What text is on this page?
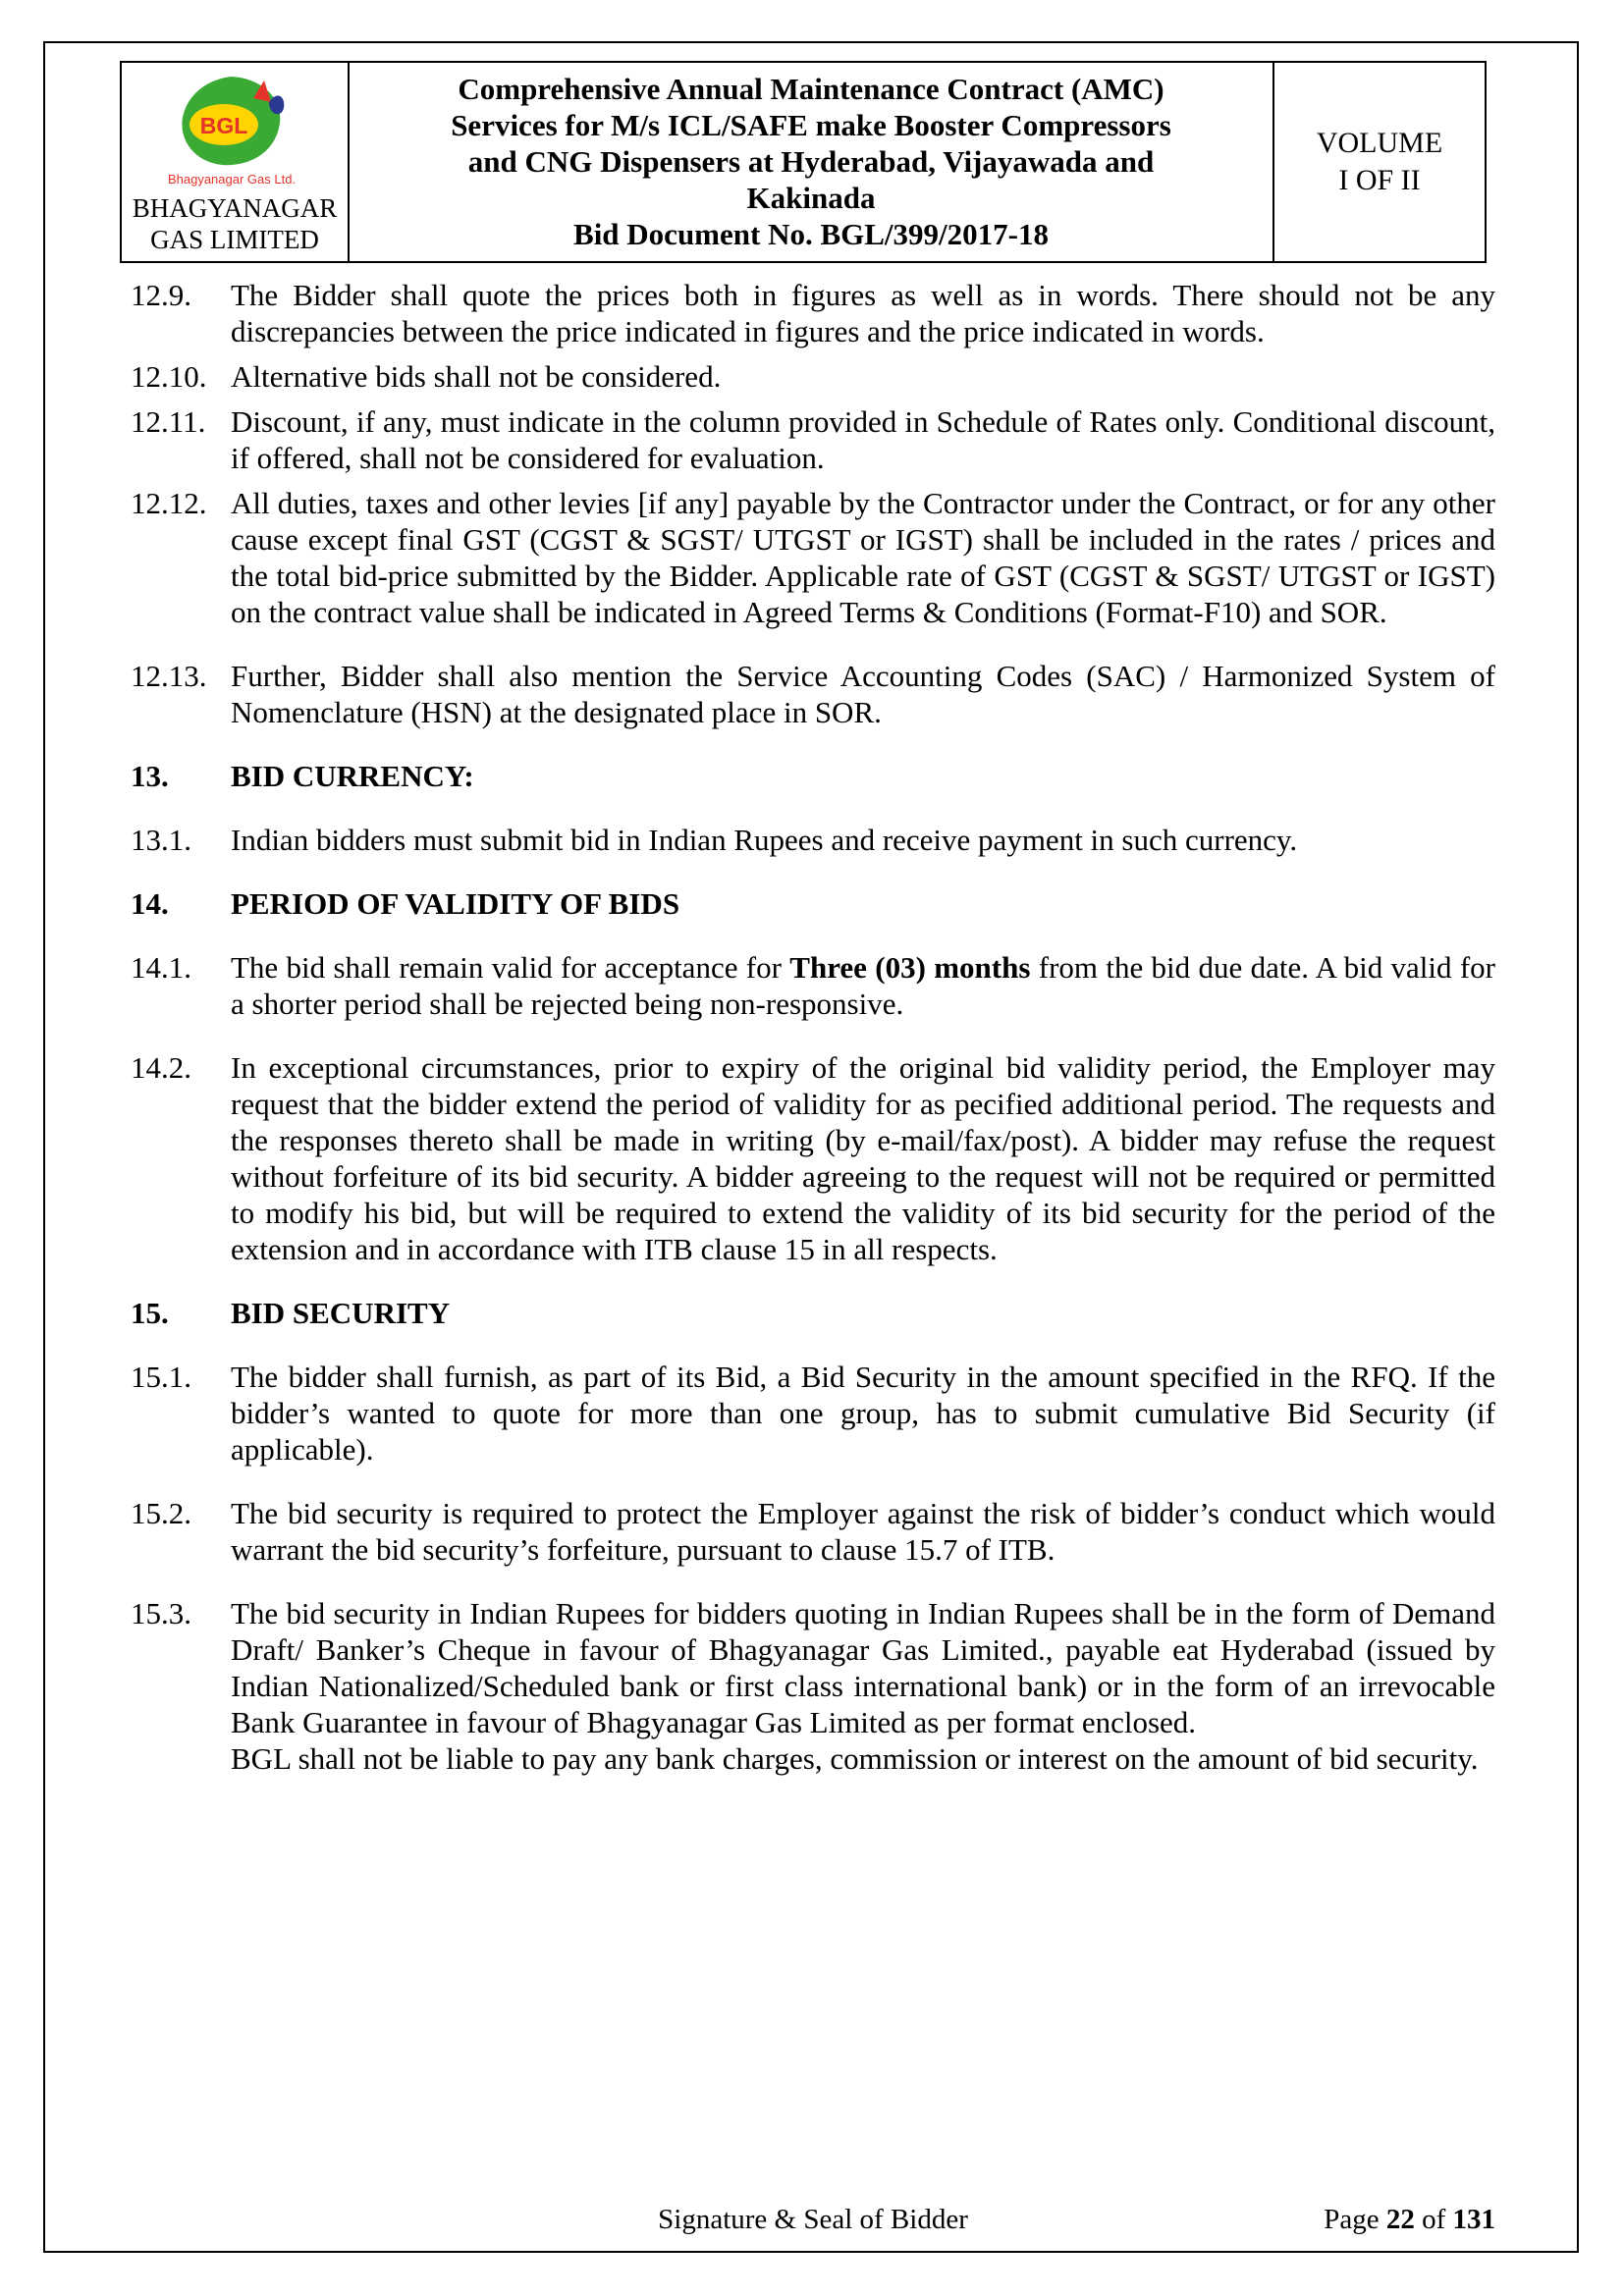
BGL
Bhagyanagar Gas Ltd.
BHAGYANAGAR
GAS LIMITED
Comprehensive Annual Maintenance Contract (AMC)
Services for M/s ICL/SAFE make Booster Compressors
and CNG Dispensers at Hyderabad, Vijayawada and
Kakinada
Bid Document No. BGL/399/2017-18
VOLUME
I OF II
12.9.	The Bidder shall quote the prices both in figures as well as in words. There should not be any discrepancies between the price indicated in figures and the price indicated in words.
12.10. Alternative bids shall not be considered.
12.11. Discount, if any, must indicate in the column provided in Schedule of Rates only. Conditional discount, if offered, shall not be considered for evaluation.
12.12. All duties, taxes and other levies [if any] payable by the Contractor under the Contract, or for any other cause except final GST (CGST & SGST/ UTGST or IGST) shall be included in the rates / prices and the total bid-price submitted by the Bidder. Applicable rate of GST (CGST & SGST/ UTGST or IGST) on the contract value shall be indicated in Agreed Terms & Conditions (Format-F10) and SOR.
12.13. Further, Bidder shall also mention the Service Accounting Codes (SAC) / Harmonized System of Nomenclature (HSN) at the designated place in SOR.
13.	BID CURRENCY:
13.1.	Indian bidders must submit bid in Indian Rupees and receive payment in such currency.
14.	PERIOD OF VALIDITY OF BIDS
14.1.	The bid shall remain valid for acceptance for Three (03) months from the bid due date. A bid valid for a shorter period shall be rejected being non-responsive.
14.2.	In exceptional circumstances, prior to expiry of the original bid validity period, the Employer may request that the bidder extend the period of validity for as pecified additional period. The requests and the responses thereto shall be made in writing (by e-mail/fax/post). A bidder may refuse the request without forfeiture of its bid security. A bidder agreeing to the request will not be required or permitted to modify his bid, but will be required to extend the validity of its bid security for the period of the extension and in accordance with ITB clause 15 in all respects.
15.	BID SECURITY
15.1.	The bidder shall furnish, as part of its Bid, a Bid Security in the amount specified in the RFQ. If the bidder’s wanted to quote for more than one group, has to submit cumulative Bid Security (if applicable).
15.2.	The bid security is required to protect the Employer against the risk of bidder’s conduct which would warrant the bid security’s forfeiture, pursuant to clause 15.7 of ITB.
15.3.	The bid security in Indian Rupees for bidders quoting in Indian Rupees shall be in the form of Demand Draft/ Banker’s Cheque in favour of Bhagyanagar Gas Limited., payable eat Hyderabad (issued by Indian Nationalized/Scheduled bank or first class international bank) or in the form of an irrevocable Bank Guarantee in favour of Bhagyanagar Gas Limited as per format enclosed.
BGL shall not be liable to pay any bank charges, commission or interest on the amount of bid security.
Signature & Seal of Bidder	Page 22 of 131
